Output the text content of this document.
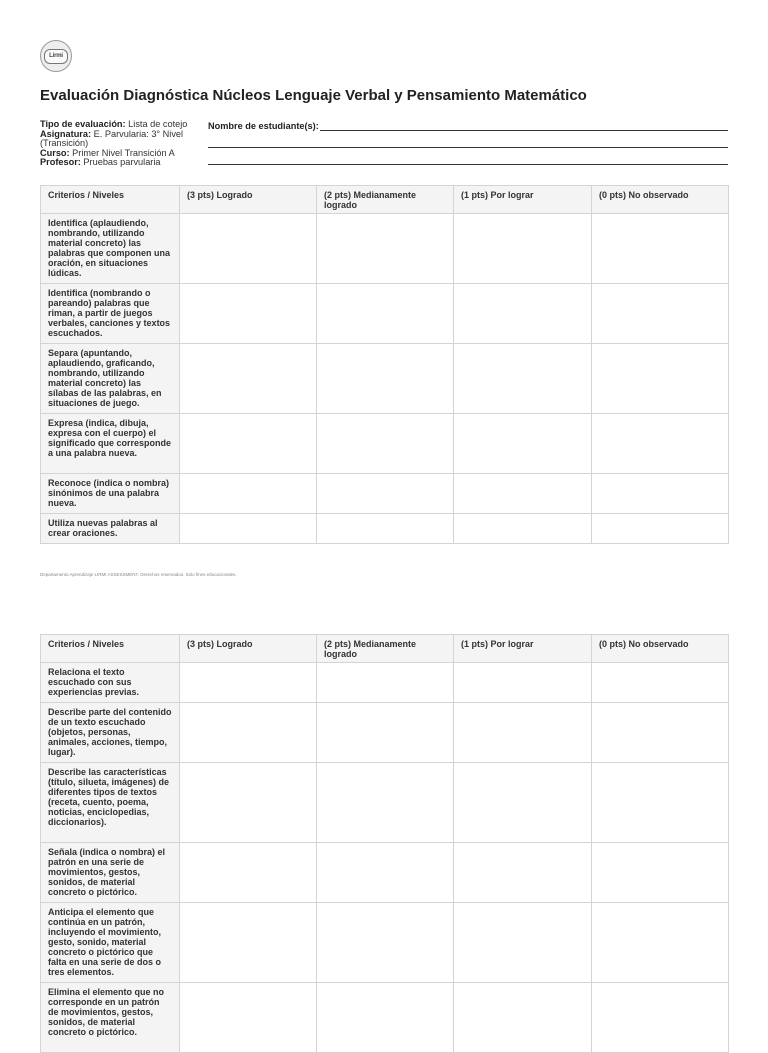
Lirmi
Evaluación Diagnóstica Núcleos Lenguaje Verbal y Pensamiento Matemático
Tipo de evaluación: Lista de cotejo
Asignatura: E. Parvularia: 3° Nivel (Transición)
Curso: Primer Nivel Transición A
Profesor: Pruebas parvularia
Nombre de estudiante(s):
Criterios / Niveles	(3 pts) Logrado	(2 pts) Medianamente logrado	(1 pts) Por lograr	(0 pts) No observado
Identifica (aplaudiendo, nombrando, utilizando material concreto) las palabras que componen una oración, en situaciones lúdicas.				
Identifica (nombrando o pareando) palabras que riman, a partir de juegos verbales, canciones y textos escuchados.				
Separa (apuntando, aplaudiendo, graficando, nombrando, utilizando material concreto) las sílabas de las palabras, en situaciones de juego.				
Expresa (indica, dibuja, expresa con el cuerpo) el significado que corresponde a una palabra nueva.				
Reconoce (indica o nombra) sinónimos de una palabra nueva.				
Utiliza nuevas palabras al crear oraciones.				
Departamento Aprendizaje LIRMI ASSESSMENT. Derechos reservados. Solo fines educacionales.
Criterios / Niveles	(3 pts) Logrado	(2 pts) Medianamente logrado	(1 pts) Por lograr	(0 pts) No observado
Relaciona el texto escuchado con sus experiencias previas.				
Describe parte del contenido de un texto escuchado (objetos, personas, animales, acciones, tiempo, lugar).				
Describe las características (título, silueta, imágenes) de diferentes tipos de textos (receta, cuento, poema, noticias, enciclopedias, diccionarios).				
Señala (indica o nombra) el patrón en una serie de movimientos, gestos, sonidos, de material concreto o pictórico.				
Anticipa el elemento que continúa en un patrón, incluyendo el movimiento, gesto, sonido, material concreto o pictórico que falta en una serie de dos o tres elementos.				
Elimina el elemento que no corresponde en un patrón de movimientos, gestos, sonidos, de material concreto o pictórico.				
